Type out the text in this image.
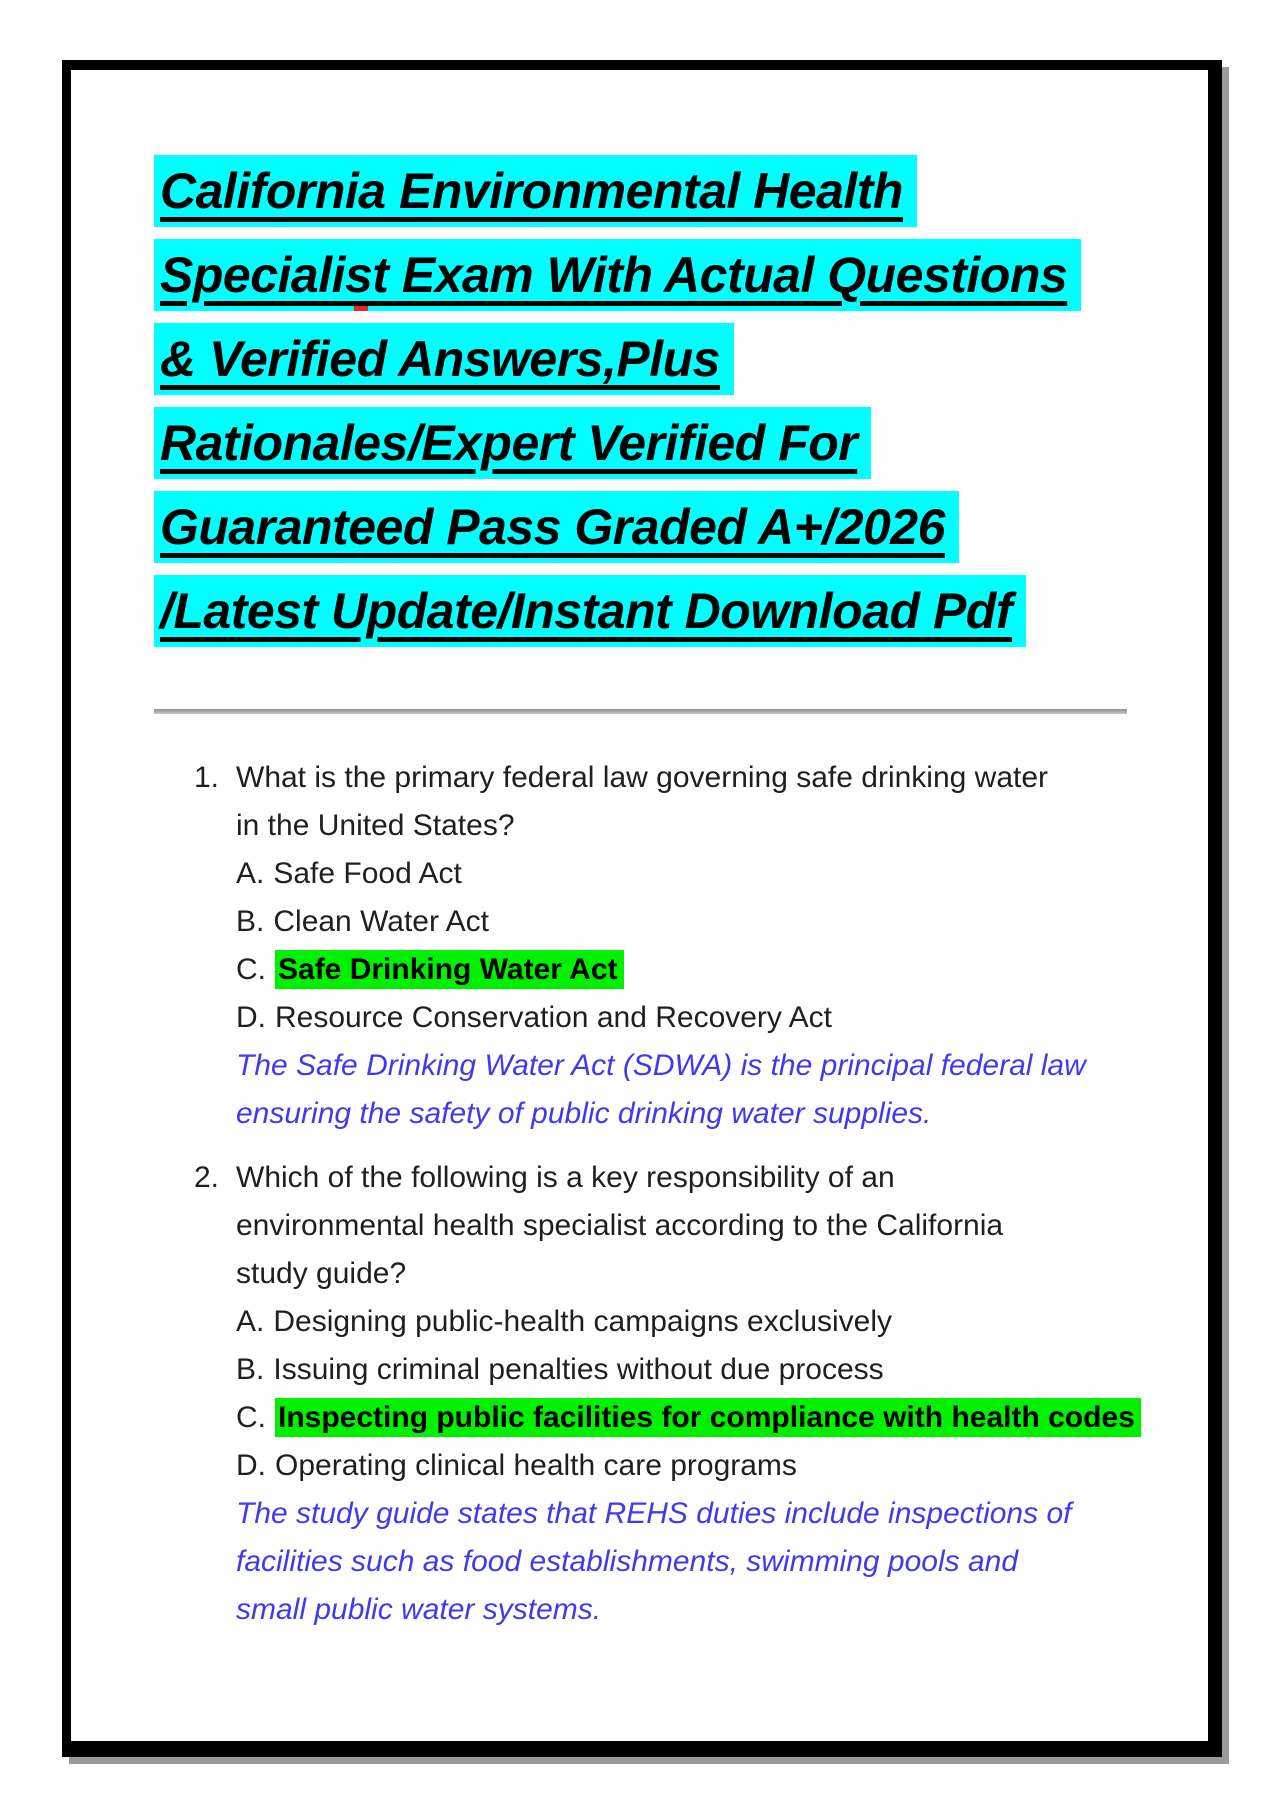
California Environmental Health
Specialist Exam With Actual Questions
& Verified Answers,Plus
Rationales/Expert Verified For
Guaranteed Pass Graded A+/2026
/Latest Update/Instant Download Pdf
1. What is the primary federal law governing safe drinking water
in the United States?
A. Safe Food Act
B. Clean Water Act
C. Safe Drinking Water Act
D. Resource Conservation and Recovery Act
The Safe Drinking Water Act (SDWA) is the principal federal law
ensuring the safety of public drinking water supplies.
2. Which of the following is a key responsibility of an
environmental health specialist according to the California
study guide?
A. Designing public-health campaigns exclusively
B. Issuing criminal penalties without due process
C. Inspecting public facilities for compliance with health codes
D. Operating clinical health care programs
The study guide states that REHS duties include inspections of
facilities such as food establishments, swimming pools and
small public water systems.
